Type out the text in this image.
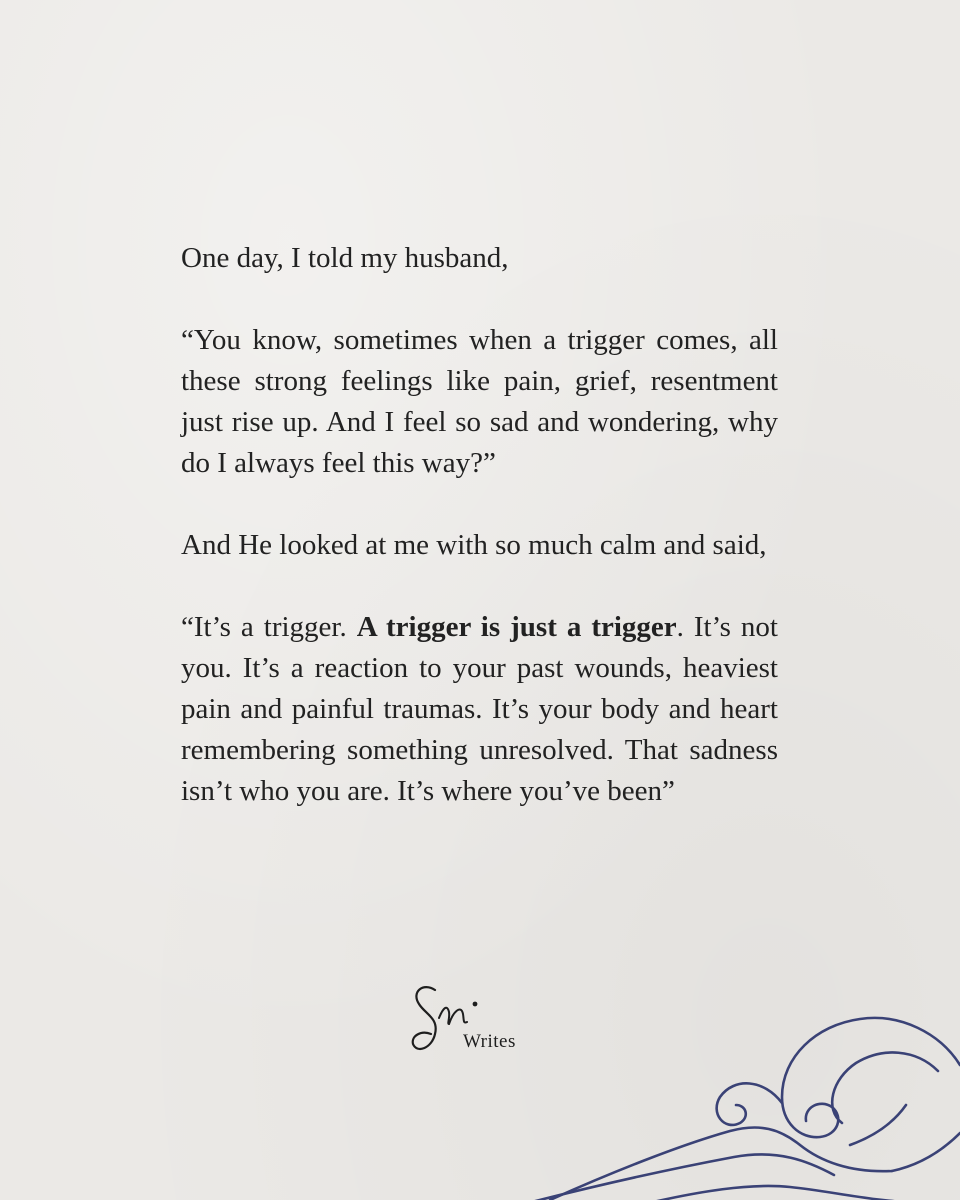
One day, I told my husband,

“You know, sometimes when a trigger comes, all these strong feelings like pain, grief, resentment just rise up. And I feel so sad and wondering, why do I always feel this way?”

And He looked at me with so much calm and said,

“It’s a trigger. A trigger is just a trigger. It’s not you. It’s a reaction to your past wounds, heaviest pain and painful traumas. It’s your body and heart remembering something unresolved. That sadness isn’t who you are. It’s where you’ve been”

Writes
